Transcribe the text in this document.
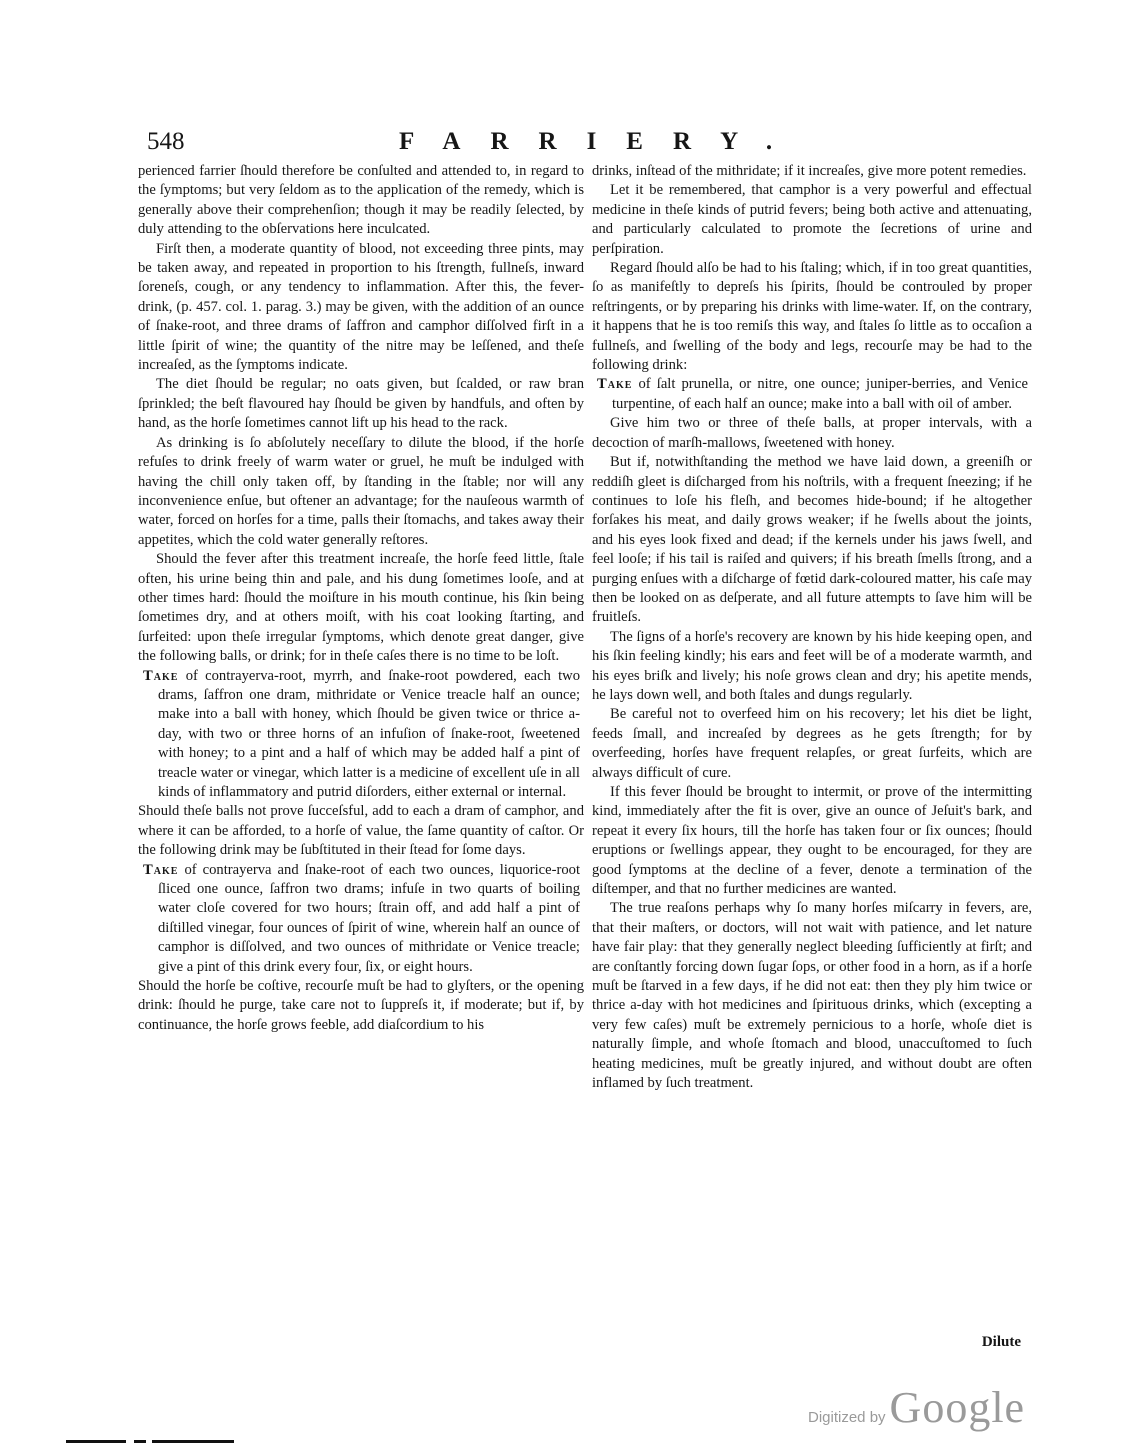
548	FARRIERY.

perienced farrier ſhould therefore be conſulted and attended to, in regard to the ſymptoms; but very ſeldom as to the application of the remedy, which is generally above their comprehenſion; though it may be readily ſelected, by duly attending to the obſervations here inculcated.

Firſt then, a moderate quantity of blood, not exceeding three pints, may be taken away, and repeated in proportion to his ſtrength, fullneſs, inward ſoreneſs, cough, or any tendency to inflammation. After this, the fever-drink, (p. 457. col. 1. parag. 3.) may be given, with the addition of an ounce of ſnake-root, and three drams of ſaffron and camphor diſſolved firſt in a little ſpirit of wine; the quantity of the nitre may be leſſened, and theſe increaſed, as the ſymptoms indicate.

The diet ſhould be regular; no oats given, but ſcalded, or raw bran ſprinkled; the beſt flavoured hay ſhould be given by handfuls, and often by hand, as the horſe ſometimes cannot lift up his head to the rack.

As drinking is ſo abſolutely neceſſary to dilute the blood, if the horſe refuſes to drink freely of warm water or gruel, he muſt be indulged with having the chill only taken off, by ſtanding in the ſtable; nor will any inconvenience enſue, but oftener an advantage; for the nauſeous warmth of water, forced on horſes for a time, palls their ſtomachs, and takes away their appetites, which the cold water generally reſtores.

Should the fever after this treatment increaſe, the horſe feed little, ſtale often, his urine being thin and pale, and his dung ſometimes looſe, and at other times hard: ſhould the moiſture in his mouth continue, his ſkin being ſometimes dry, and at others moiſt, with his coat looking ſtarting, and ſurfeited: upon theſe irregular ſymptoms, which denote great danger, give the following balls, or drink; for in theſe caſes there is no time to be loſt.

Take of contrayerva-root, myrrh, and ſnake-root powdered, each two drams, ſaffron one dram, mithridate or Venice treacle half an ounce; make into a ball with honey, which ſhould be given twice or thrice a-day, with two or three horns of an infuſion of ſnake-root, ſweetened with honey; to a pint and a half of which may be added half a pint of treacle water or vinegar, which latter is a medicine of excellent uſe in all kinds of inflammatory and putrid diſorders, either external or internal.

Should theſe balls not prove ſucceſsful, add to each a dram of camphor, and where it can be afforded, to a horſe of value, the ſame quantity of caſtor. Or the following drink may be ſubſtituted in their ſtead for ſome days.

Take of contrayerva and ſnake-root of each two ounces, liquorice-root ſliced one ounce, ſaffron two drams; infuſe in two quarts of boiling water cloſe covered for two hours; ſtrain off, and add half a pint of diſtilled vinegar, four ounces of ſpirit of wine, wherein half an ounce of camphor is diſſolved, and two ounces of mithridate or Venice treacle; give a pint of this drink every four, ſix, or eight hours.

Should the horſe be coſtive, recourſe muſt be had to glyſters, or the opening drink: ſhould he purge, take care not to ſuppreſs it, if moderate; but if, by continuance, the horſe grows feeble, add diaſcordium to his

drinks, inſtead of the mithridate; if it increaſes, give more potent remedies.

Let it be remembered, that camphor is a very powerful and effectual medicine in theſe kinds of putrid fevers; being both active and attenuating, and particularly calculated to promote the ſecretions of urine and perſpiration.

Regard ſhould alſo be had to his ſtaling; which, if in too great quantities, ſo as manifeſtly to depreſs his ſpirits, ſhould be controuled by proper reſtringents, or by preparing his drinks with lime-water. If, on the contrary, it happens that he is too remiſs this way, and ſtales ſo little as to occaſion a fullneſs, and ſwelling of the body and legs, recourſe may be had to the following drink:

Take of ſalt prunella, or nitre, one ounce; juniper-berries, and Venice turpentine, of each half an ounce; make into a ball with oil of amber.

Give him two or three of theſe balls, at proper intervals, with a decoction of marſh-mallows, ſweetened with honey.

But if, notwithſtanding the method we have laid down, a greeniſh or reddiſh gleet is diſcharged from his noſtrils, with a frequent ſneezing; if he continues to loſe his fleſh, and becomes hide-bound; if he altogether forſakes his meat, and daily grows weaker; if he ſwells about the joints, and his eyes look fixed and dead; if the kernels under his jaws ſwell, and feel looſe; if his tail is raiſed and quivers; if his breath ſmells ſtrong, and a purging enſues with a diſcharge of fœtid dark-coloured matter, his caſe may then be looked on as deſperate, and all future attempts to ſave him will be fruitleſs.

The ſigns of a horſe's recovery are known by his hide keeping open, and his ſkin feeling kindly; his ears and feet will be of a moderate warmth, and his eyes briſk and lively; his noſe grows clean and dry; his apetite mends, he lays down well, and both ſtales and dungs regularly.

Be careful not to overfeed him on his recovery; let his diet be light, feeds ſmall, and increaſed by degrees as he gets ſtrength; for by overfeeding, horſes have frequent relapſes, or great ſurfeits, which are always difficult of cure.

If this fever ſhould be brought to intermit, or prove of the intermitting kind, immediately after the fit is over, give an ounce of Jeſuit's bark, and repeat it every ſix hours, till the horſe has taken four or ſix ounces; ſhould eruptions or ſwellings appear, they ought to be encouraged, for they are good ſymptoms at the decline of a fever, denote a termination of the diſtemper, and that no further medicines are wanted.

The true reaſons perhaps why ſo many horſes miſcarry in fevers, are, that their maſters, or doctors, will not wait with patience, and let nature have fair play: that they generally neglect bleeding ſufficiently at firſt; and are conſtantly forcing down ſugar ſops, or other food in a horn, as if a horſe muſt be ſtarved in a few days, if he did not eat: then they ply him twice or thrice a-day with hot medicines and ſpirituous drinks, which (excepting a very few caſes) muſt be extremely pernicious to a horſe, whoſe diet is naturally ſimple, and whoſe ſtomach and blood, unaccuſtomed to ſuch heating medicines, muſt be greatly injured, and without doubt are often inflamed by ſuch treatment.

Dilute
Digitized byGoogle
